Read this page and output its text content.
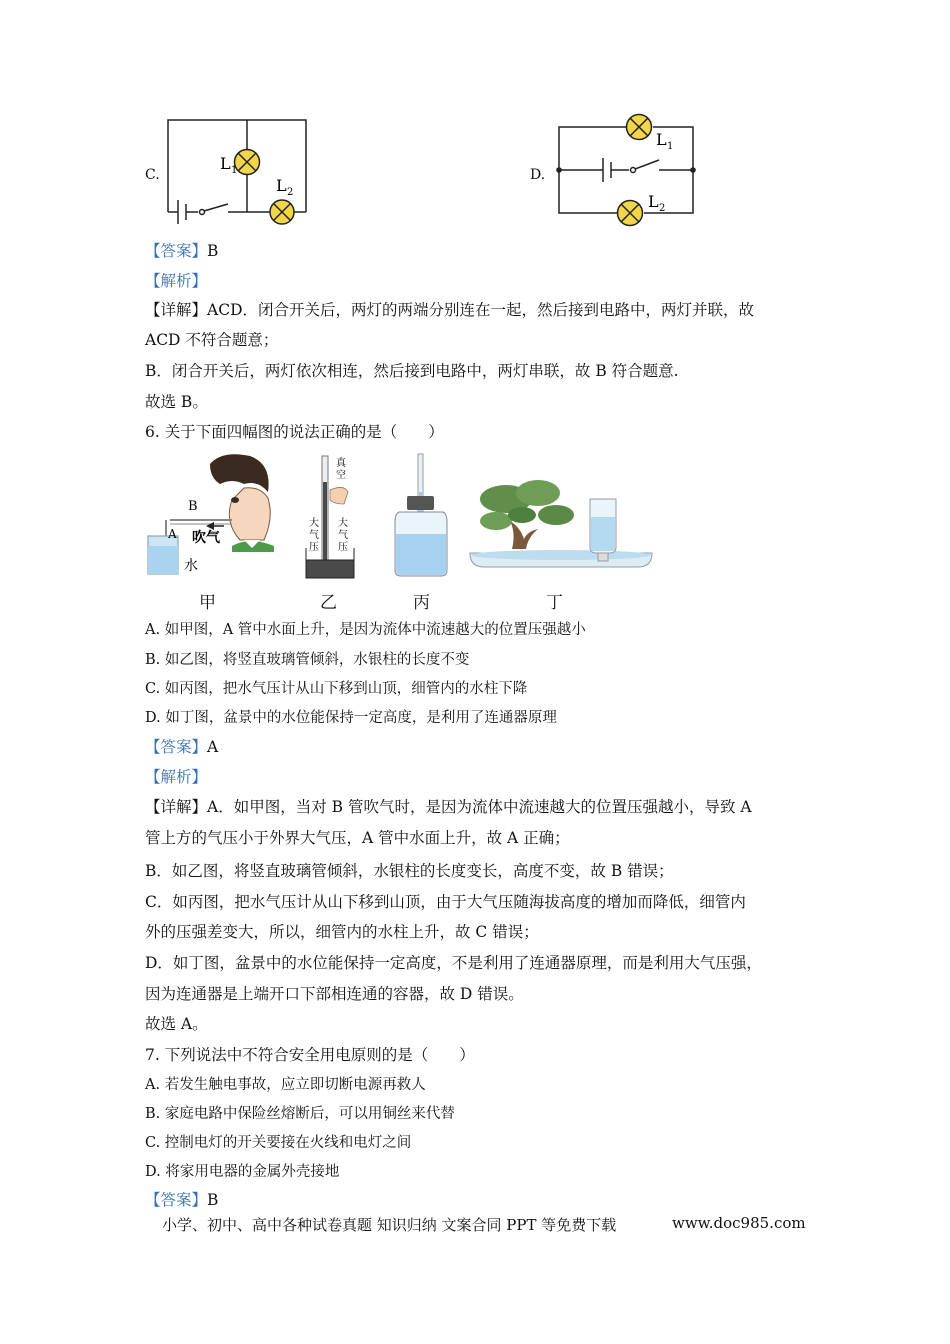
C.
L 1
L 2
D.
L 1
L 2
【答案】B
【解析】
【详解】ACD．闭合开关后，两灯的两端分别连在一起，然后接到电路中，两灯并联，故
ACD 不符合题意；
B．闭合开关后，两灯依次相连，然后接到电路中，两灯串联，故 B 符合题意.
故选 B。
6. 关于下面四幅图的说法正确的是（　　）
B
A 吹气
水
甲
真
空
大
气
压
大
气
压
乙	丙	丁
A. 如甲图，A 管中水面上升，是因为流体中流速越大的位置压强越小
B. 如乙图，将竖直玻璃管倾斜，水银柱的长度不变
C. 如丙图，把水气压计从山下移到山顶，细管内的水柱下降
D. 如丁图，盆景中的水位能保持一定高度，是利用了连通器原理
【答案】A
【解析】
【详解】A．如甲图，当对 B 管吹气时，是因为流体中流速越大的位置压强越小，导致 A
管上方的气压小于外界大气压，A 管中水面上升，故 A 正确；
B．如乙图，将竖直玻璃管倾斜，水银柱的长度变长，高度不变，故 B 错误；
C．如丙图，把水气压计从山下移到山顶，由于大气压随海拔高度的增加而降低，细管内
外的压强差变大，所以，细管内的水柱上升，故 C 错误；
D．如丁图，盆景中的水位能保持一定高度，不是利用了连通器原理，而是利用大气压强，
因为连通器是上端开口下部相连通的容器，故 D 错误。
故选 A。
7. 下列说法中不符合安全用电原则的是（　　）
A. 若发生触电事故，应立即切断电源再救人
B. 家庭电路中保险丝熔断后，可以用铜丝来代替
C. 控制电灯的开关要接在火线和电灯之间
D. 将家用电器的金属外壳接地
【答案】B
小学、初中、高中各种试卷真题 知识归纳 文案合同 PPT 等免费下载	www.doc985.com
